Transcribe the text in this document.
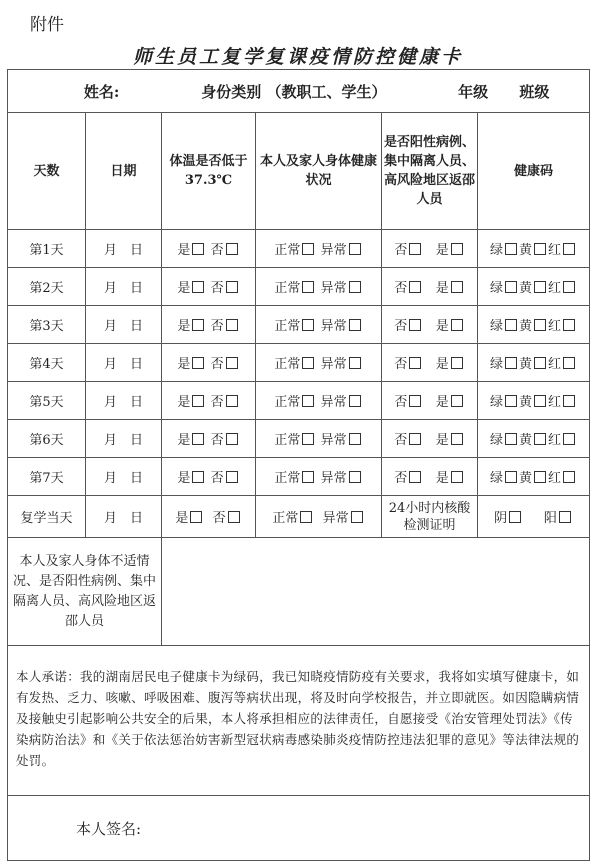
附件
师生员工复学复课疫情防控健康卡
姓名: 身份类别 （教职工、学生） 年级 班级					
天数	日期	体温是否低于37.3℃	本人及家人身体健康状况	是否阳性病例、集中隔离人员、高风险地区返邵人员	健康码
第1天	月　日	是 否	正常 异常	否 是	绿 黄 红
第2天	月　日	是 否	正常 异常	否 是	绿 黄 红
第3天	月　日	是 否	正常 异常	否 是	绿 黄 红
第4天	月　日	是 否	正常 异常	否 是	绿 黄 红
第5天	月　日	是 否	正常 异常	否 是	绿 黄 红
第6天	月　日	是 否	正常 异常	否 是	绿 黄 红
第7天	月　日	是 否	正常 异常	否 是	绿 黄 红
复学当天	月　日	是 否	正常 异常	24小时内核酸检测证明	阴 阳
本人及家人身体不适情况、是否阳性病例、集中隔离人员、高风险地区返邵人员					
本人承诺：我的湖南居民电子健康卡为绿码，我已知晓疫情防疫有关要求，我将如实填写健康卡，如有发热、乏力、咳嗽、呼吸困难、腹泻等病状出现，将及时向学校报告，并立即就医。如因隐瞒病情及接触史引起影响公共安全的后果，本人将承担相应的法律责任，自愿接受《治安管理处罚法》《传染病防治法》和《关于依法惩治妨害新型冠状病毒感染肺炎疫情防控违法犯罪的意见》等法律法规的处罚。					
本人签名:					
